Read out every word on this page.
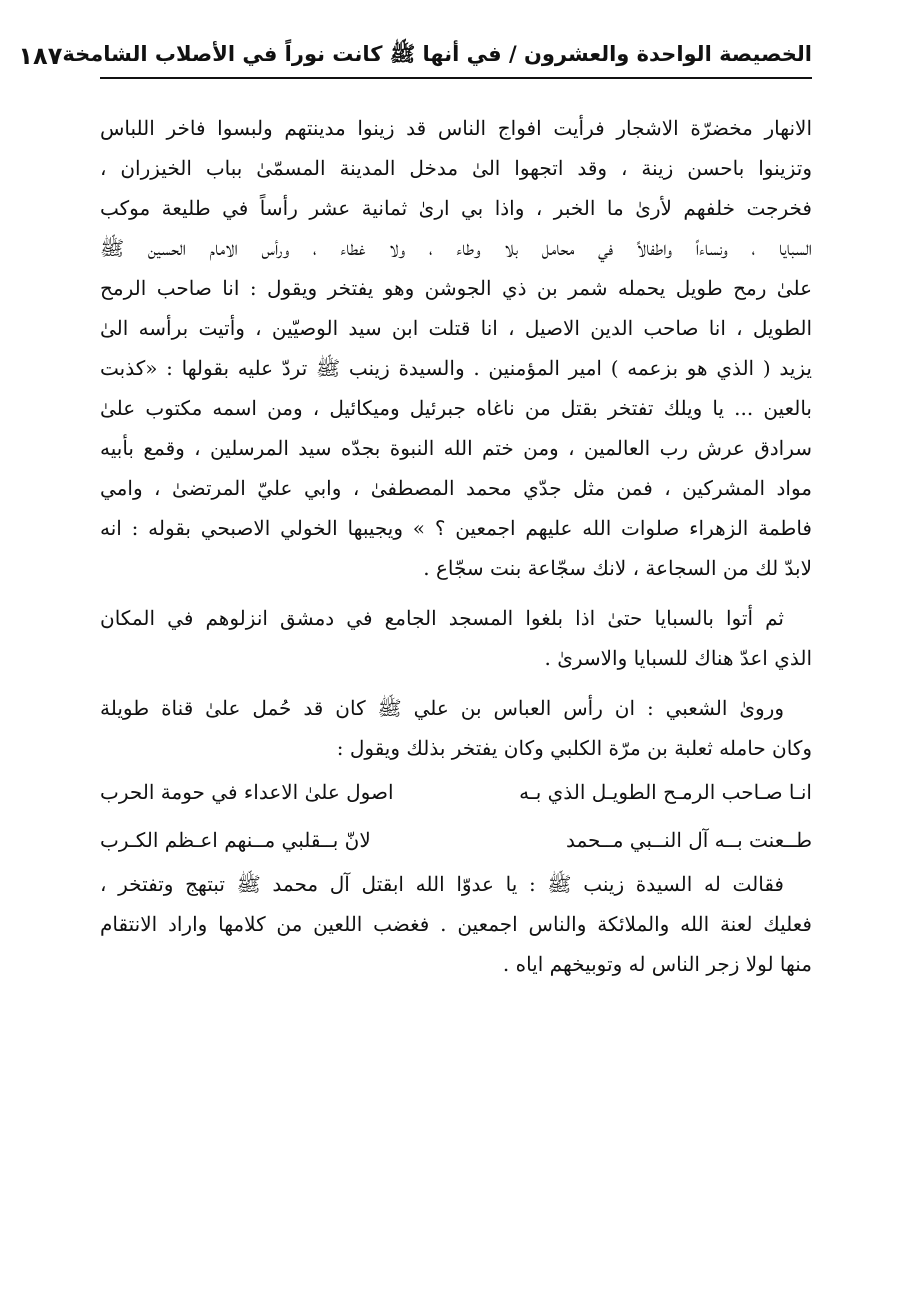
الخصيصة الواحدة والعشرون / في أنها ﷺ كانت نوراً في الأصلاب الشامخة
١٨٧
الانهار مخضرّة الاشجار فرأيت افواج الناس قد زينوا مدينتهم ولبسوا فاخر اللباس
وتزينوا باحسن زينة ، وقد اتجهوا الىٰ مدخل المدينة المسمّىٰ بباب الخيزران ،
فخرجت خلفهم لأرىٰ ما الخبر ، واذا بي ارىٰ ثمانية عشر رأساً في طليعة موكب
السبايا ، ونساءاً واطفالاً في محامل بلا وطاء ، ولا غطاء ، ورأس الامام الحسين ﷺ
علىٰ رمح طويل يحمله شمر بن ذي الجوشن وهو يفتخر ويقول : انا صاحب الرمح
الطويل ، انا صاحب الدين الاصيل ، انا قتلت ابن سيد الوصيّين ، وأتيت برأسه الىٰ
يزيد ( الذي هو بزعمه ) امير المؤمنين . والسيدة زينب ﷺ تردّ عليه بقولها : «كذبت
بالعين ... يا ويلك تفتخر بقتل من ناغاه جبرئيل وميكائيل ، ومن اسمه مكتوب علىٰ
سرادق عرش رب العالمين ، ومن ختم الله النبوة بجدّه سيد المرسلين ، وقمع بأبيه
مواد المشركين ، فمن مثل جدّي محمد المصطفىٰ ، وابي عليّ المرتضىٰ ، وامي
فاطمة الزهراء صلوات الله عليهم اجمعين ؟ » ويجيبها الخولي الاصبحي بقوله : انه
لابدّ لك من السجاعة ، لانك سجّاعة بنت سجّاع .
ثم أتوا بالسبايا حتىٰ اذا بلغوا المسجد الجامع في دمشق انزلوهم في المكان
الذي اعدّ هناك للسبايا والاسرىٰ .
وروىٰ الشعبي : ان رأس العباس بن علي ﷺ كان قد حُمل علىٰ قناة طويلة
وكان حامله ثعلبة بن مرّة الكلبي وكان يفتخر بذلك ويقول :
انـا صـاحب الرمـح الطويـل الذي بـه
اصول علىٰ الاعداء في حومة الحرب
طــعنت بــه آل النــبي مــحمد
لانّ بــقلبي مــنهم اعـظم الكـرب
فقالت له السيدة زينب ﷺ : يا عدوّا الله ابقتل آل محمد ﷺ تبتهج وتفتخر ،
فعليك لعنة الله والملائكة والناس اجمعين . فغضب اللعين من كلامها واراد الانتقام
منها لولا زجر الناس له وتوبيخهم اياه .
